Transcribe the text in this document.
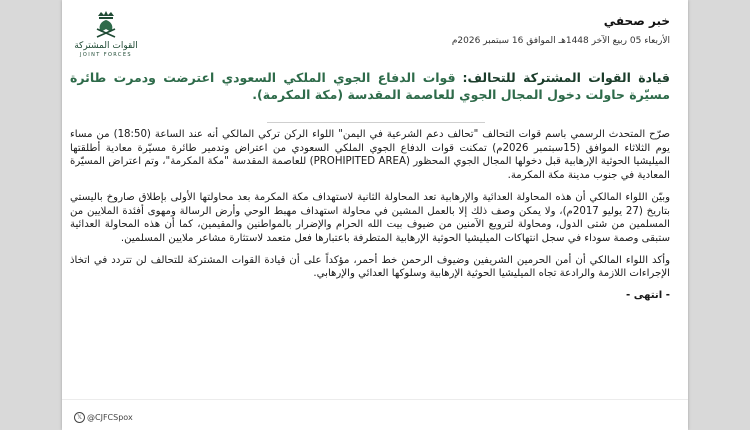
القوات المشتركة
JOINT FORCES
خبر صحفي
الأربعاء 05 ربيع الآخر 1448هـ الموافق 16 سبتمبر 2026م
قيادة القوات المشتركة للتحالف: قوات الدفاع الجوي الملكي السعودي اعترضت ودمرت طائرة مسيّرة حاولت دخول المجال الجوي للعاصمة المقدسة (مكة المكرمة).

صرّح المتحدث الرسمي باسم قوات التحالف "تحالف دعم الشرعية في اليمن" اللواء الركن تركي المالكي أنه عند الساعة (18:50) من مساء يوم الثلاثاء الموافق (15سبتمبر 2026م) تمكنت قوات الدفاع الجوي الملكي السعودي من اعتراض وتدمير طائرة مسيّرة معادية أطلقتها الميليشيا الحوثية الإرهابية قبل دخولها المجال الجوي المحظور (PROHIPITED AREA) للعاصمة المقدسة "مكة المكرمة"، وتم اعتراض المسيّرة المعادية في جنوب مدينة مكة المكرمة.

وبيّن اللواء المالكي أن هذه المحاولة العدائية والإرهابية تعد المحاولة الثانية لاستهداف مكة المكرمة بعد محاولتها الأولى بإطلاق صاروخ باليستي بتاريخ (27 يوليو 2017م)، ولا يمكن وصف ذلك إلا بالعمل المشين في محاولة استهداف مهبط الوحي وأرض الرسالة ومهوى أفئدة الملايين من المسلمين من شتى الدول، ومحاولة لترويع الآمنين من ضيوف بيت الله الحرام والإضرار بالمواطنين والمقيمين، كما أن هذه المحاولة العدائية ستبقى وصمة سوداء في سجل انتهاكات الميليشيا الحوثية الإرهابية المتطرفة باعتبارها فعل متعمد لاستثارة مشاعر ملايين المسلمين.

وأكد اللواء المالكي أن أمن الحرمين الشريفين وضيوف الرحمن خط أحمر، مؤكداً على أن قيادة القوات المشتركة للتحالف لن تتردد في اتخاذ الإجراءات اللازمة والرادعة تجاه الميليشيا الحوثية الإرهابية وسلوكها العدائي والإرهابي.

- انتهى -

𝕏 @CJFCSpox
